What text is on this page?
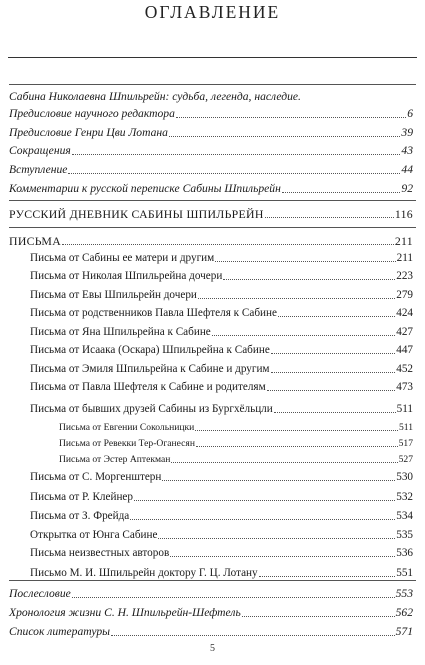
ОГЛАВЛЕНИЕ
Сабина Николаевна Шпильрейн: судьба, легенда, наследие.
Предисловие научного редактора	6
Предисловие Генри Цви Лотана	39
Сокращения	43
Вступление	44
Комментарии к русской переписке Сабины Шпильрейн	92
РУССКИЙ ДНЕВНИК САБИНЫ ШПИЛЬРЕЙН	116
ПИСЬМА	211
Письма от Сабины ее матери и другим	211
Письма от Николая Шпильрейна дочери	223
Письма от Евы Шпильрейн дочери	279
Письма от родственников Павла Шефтеля к Сабине	424
Письма от Яна Шпильрейна к Сабине	427
Письма от Исаака (Оскара) Шпильрейна к Сабине	447
Письма от Эмиля Шпильрейна к Сабине и другим	452
Письма от Павла Шефтеля к Сабине и родителям	473
Письма от бывших друзей Сабины из Бургхёльцли	511
Письма от Евгении Сокольницки	511
Письма от Ревекки Тер-Оганесян	517
Письма от Эстер Аптекман	527
Письма от С. Моргенштерн	530
Письма от Р. Клейнер	532
Письма от З. Фрейда	534
Открытка от Юнга Сабине	535
Письма неизвестных авторов	536
Письмо М. И. Шпильрейн доктору Г. Ц. Лотану	551
Послесловие	553
Хронология жизни С. Н. Шпильрейн-Шефтель	562
Список литературы	571
5
